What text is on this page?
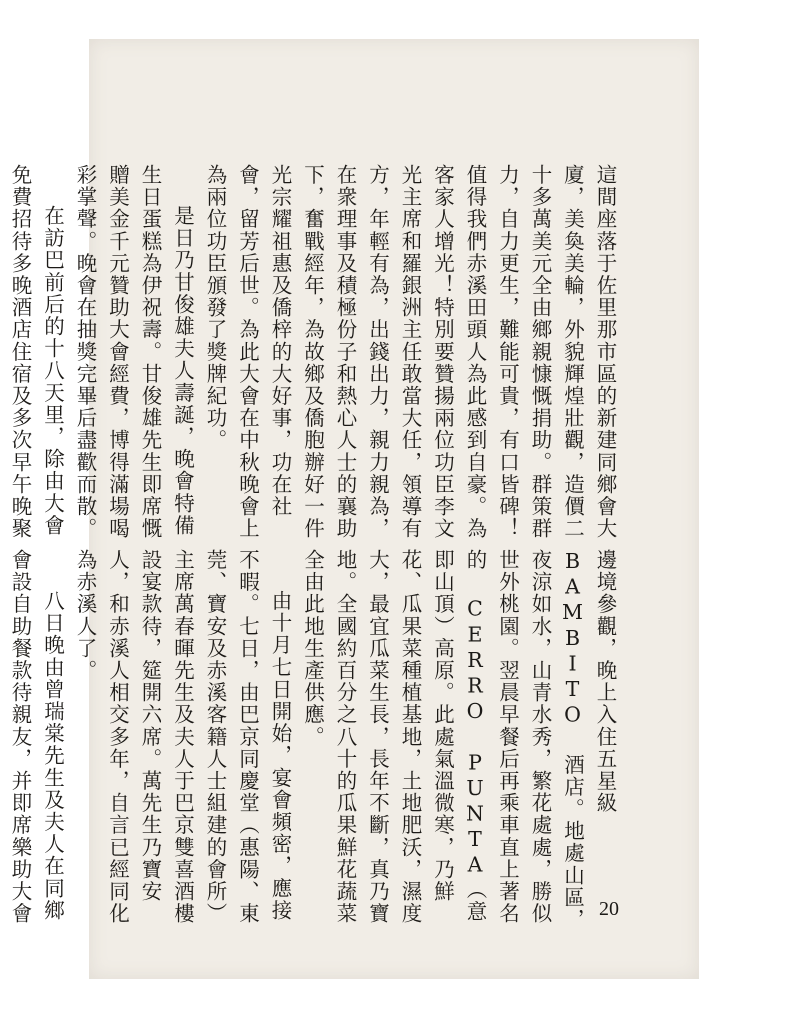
這間座落于佐里那市區的新建同鄉會大廈，美奐美輪，外貌輝煌壯觀，造價二十多萬美元全由鄉親慷慨捐助。群策群力，自力更生，難能可貴，有口皆碑！值得我們赤溪田頭人為此感到自豪。為客家人增光！特別要贊揚兩位功臣李文光主席和羅銀洲主任敢當大任，領導有方，年輕有為，出錢出力，親力親為，在衆理事及積極份子和熱心人士的襄助下，奮戰經年，為故鄉及僑胞辦好一件光宗耀祖惠及僑梓的大好事，功在社會，留芳后世。為此大會在中秋晚會上為兩位功臣頒發了獎牌紀功。

是日乃甘俊雄夫人壽誕，晚會特備生日蛋糕為伊祝壽。甘俊雄先生即席慨贈美金千元贊助大會經費，博得滿場喝彩掌聲。晚會在抽獎完畢后盡歡而散。

在訪巴前后的十八天里，除由大會免費招待多晚酒店住宿及多次早午晚聚

邊境參觀，晚上入住五星級 BAMBITO 酒店。地處山區，夜涼如水，山青水秀，繁花處處，勝似世外桃園。翌晨早餐后再乘車直上著名的 CERRO PUNTA（意即山頂）高原。此處氣溫微寒，乃鮮花、瓜果菜種植基地，土地肥沃，濕度大，最宜瓜菜生長，長年不斷，真乃寶地。全國約百分之八十的瓜果鮮花蔬菜全由此地生產供應。

由十月七日開始，宴會頻密，應接不暇。七日，由巴京同慶堂（惠陽、東莞、寶安及赤溪客籍人士組建的會所）主席萬春暉先生及夫人于巴京雙喜酒樓設宴款待，筵開六席。萬先生乃寶安人，和赤溪人相交多年，自言已經同化為赤溪人了。

八日晚由曾瑞棠先生及夫人在同鄉會設自助餐款待親友，并即席樂助大會	20
